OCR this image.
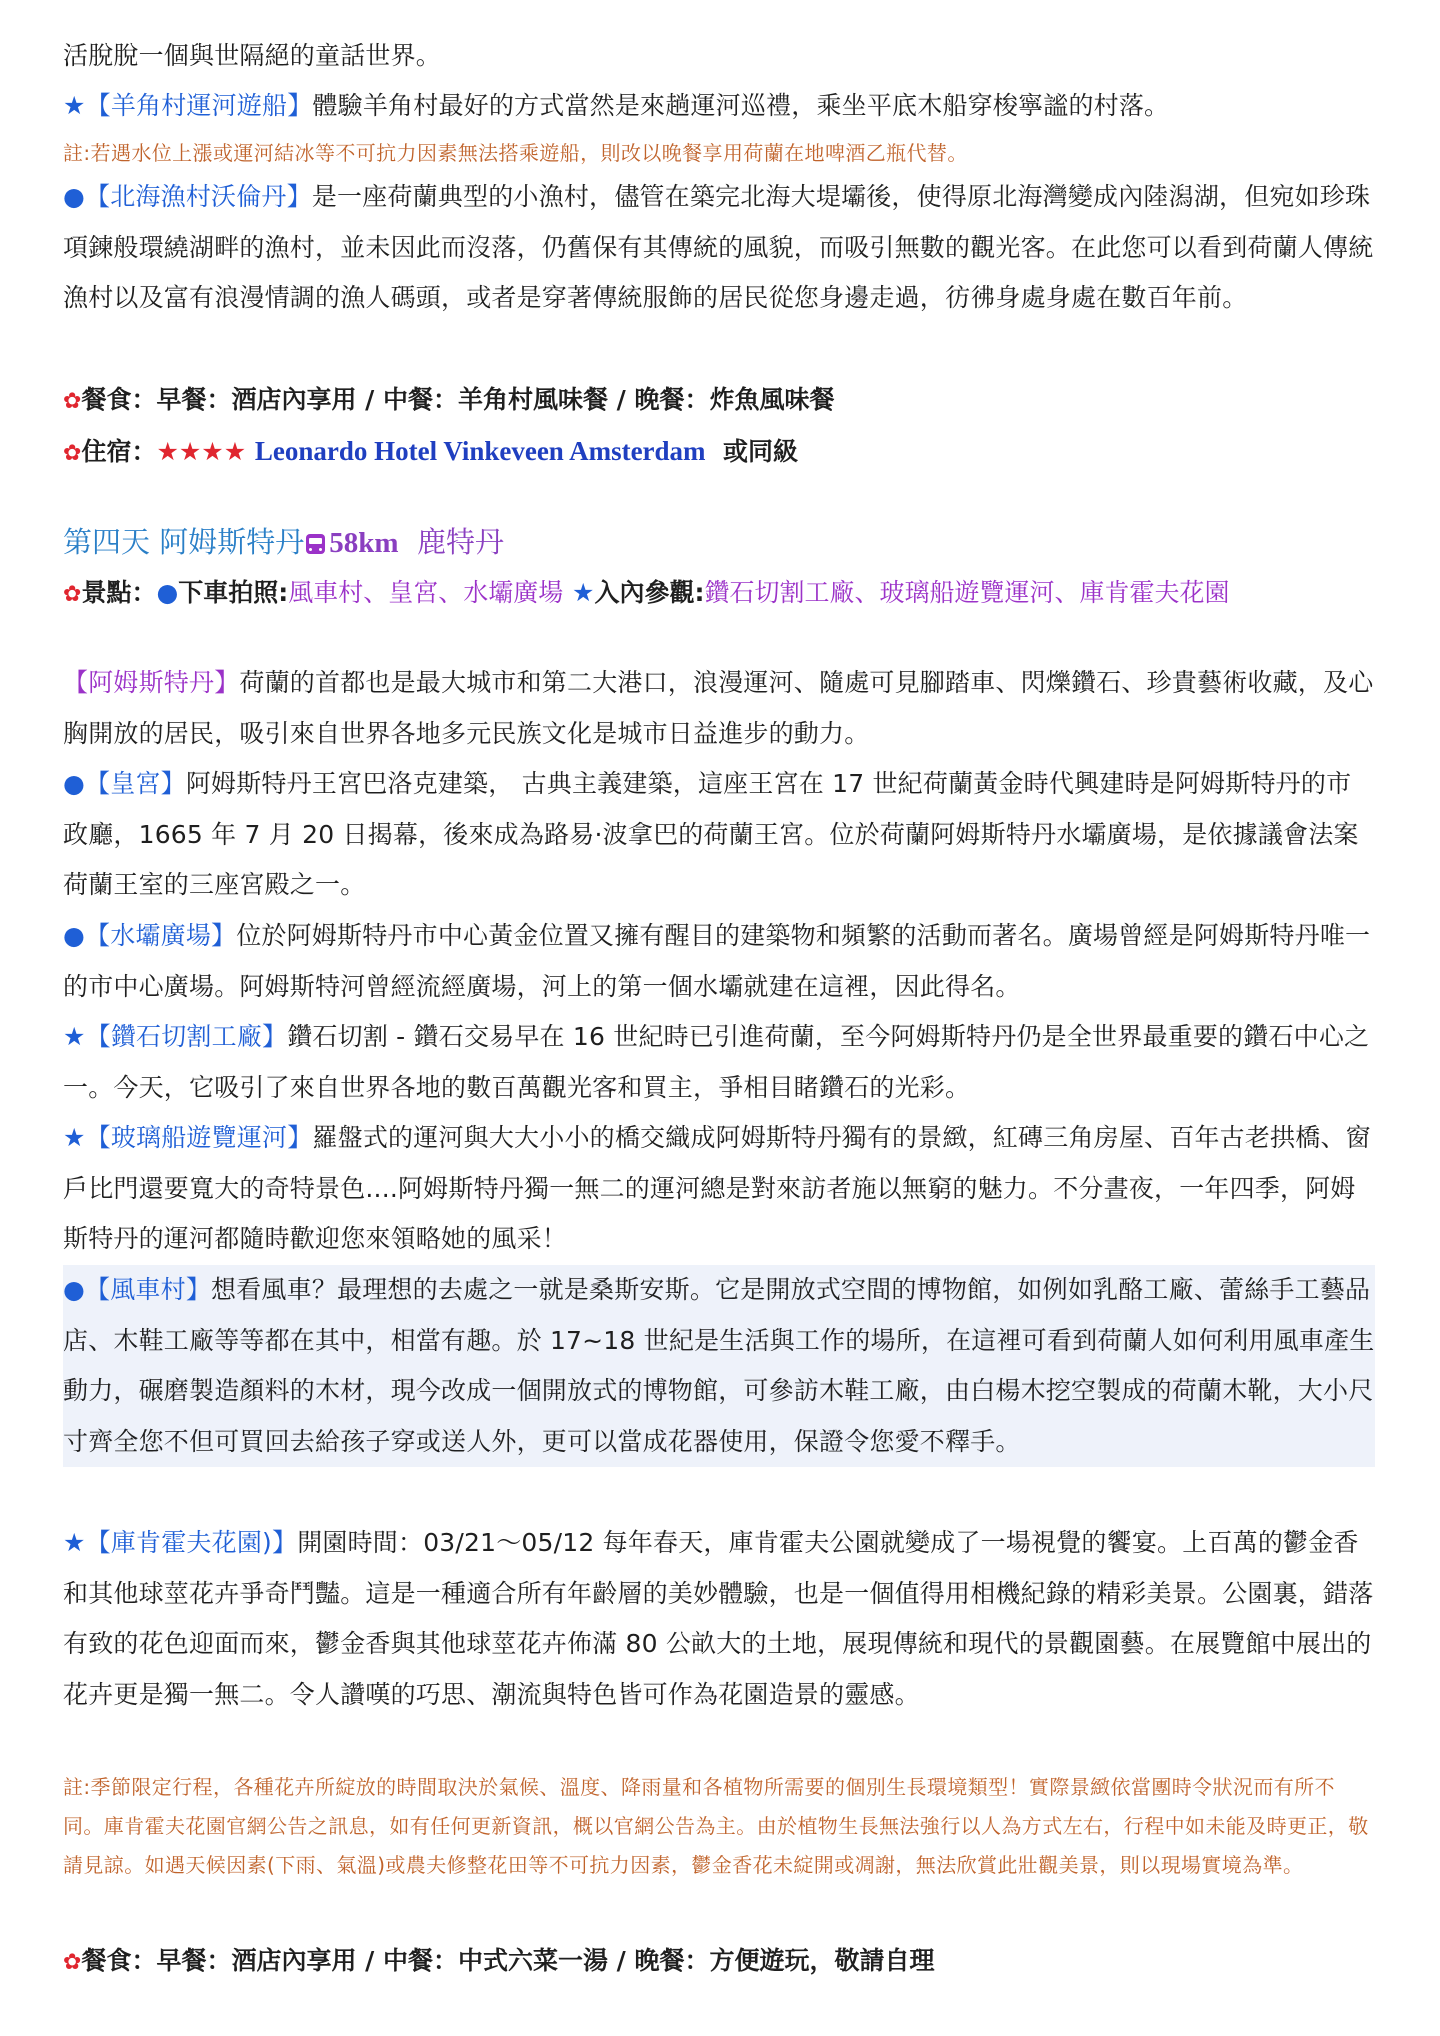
活脫脫一個與世隔絕的童話世界。

★【羊角村運河遊船】體驗羊角村最好的方式當然是來趟運河巡禮，乘坐平底木船穿梭寧謐的村落。

註:若遇水位上漲或運河結冰等不可抗力因素無法搭乘遊船，則改以晚餐享用荷蘭在地啤酒乙瓶代替。

●【北海漁村沃倫丹】是一座荷蘭典型的小漁村，儘管在築完北海大堤壩後，使得原北海灣變成內陸潟湖，但宛如珍珠項鍊般環繞湖畔的漁村，並未因此而沒落，仍舊保有其傳統的風貌，而吸引無數的觀光客。在此您可以看到荷蘭人傳統漁村以及富有浪漫情調的漁人碼頭，或者是穿著傳統服飾的居民從您身邊走過，彷彿身處身處在數百年前。

✿餐食：早餐：酒店內享用 / 中餐：羊角村風味餐 / 晚餐：炸魚風味餐

✿住宿：★★★★ Leonardo Hotel Vinkeveen Amsterdam 或同級

第四天 阿姆斯特丹 58km 鹿特丹

✿景點：●下車拍照:風車村、皇宮、水壩廣場 ★入內參觀:鑽石切割工廠、玻璃船遊覽運河、庫肯霍夫花園

【阿姆斯特丹】荷蘭的首都也是最大城市和第二大港口，浪漫運河、隨處可見腳踏車、閃爍鑽石、珍貴藝術收藏，及心胸開放的居民，吸引來自世界各地多元民族文化是城市日益進步的動力。

●【皇宮】阿姆斯特丹王宮巴洛克建築， 古典主義建築，這座王宮在 17 世紀荷蘭黃金時代興建時是阿姆斯特丹的市政廳，1665 年 7 月 20 日揭幕，後來成為路易·波拿巴的荷蘭王宮。位於荷蘭阿姆斯特丹水壩廣場，是依據議會法案荷蘭王室的三座宮殿之一。

●【水壩廣場】位於阿姆斯特丹市中心黃金位置又擁有醒目的建築物和頻繁的活動而著名。廣場曾經是阿姆斯特丹唯一的市中心廣場。阿姆斯特河曾經流經廣場，河上的第一個水壩就建在這裡，因此得名。

★【鑽石切割工廠】鑽石切割 - 鑽石交易早在 16 世紀時已引進荷蘭，至今阿姆斯特丹仍是全世界最重要的鑽石中心之一。今天，它吸引了來自世界各地的數百萬觀光客和買主，爭相目睹鑽石的光彩。

★【玻璃船遊覽運河】羅盤式的運河與大大小小的橋交織成阿姆斯特丹獨有的景緻，紅磚三角房屋、百年古老拱橋、窗戶比門還要寬大的奇特景色....阿姆斯特丹獨一無二的運河總是對來訪者施以無窮的魅力。不分晝夜，一年四季，阿姆斯特丹的運河都隨時歡迎您來領略她的風采！

●【風車村】想看風車？最理想的去處之一就是桑斯安斯。它是開放式空間的博物館，如例如乳酪工廠、蕾絲手工藝品店、木鞋工廠等等都在其中，相當有趣。於 17~18 世紀是生活與工作的場所，在這裡可看到荷蘭人如何利用風車產生動力，碾磨製造顏料的木材，現今改成一個開放式的博物館，可參訪木鞋工廠，由白楊木挖空製成的荷蘭木靴，大小尺寸齊全您不但可買回去給孩子穿或送人外，更可以當成花器使用，保證令您愛不釋手。

★【庫肯霍夫花園)】開園時間：03/21～05/12 每年春天，庫肯霍夫公園就變成了一場視覺的饗宴。上百萬的鬱金香和其他球莖花卉爭奇鬥豔。這是一種適合所有年齡層的美妙體驗，也是一個值得用相機紀錄的精彩美景。公園裏，錯落有致的花色迎面而來，鬱金香與其他球莖花卉佈滿 80 公畝大的土地，展現傳統和現代的景觀園藝。在展覽館中展出的花卉更是獨一無二。令人讚嘆的巧思、潮流與特色皆可作為花園造景的靈感。

註:季節限定行程，各種花卉所綻放的時間取決於氣候、溫度、降雨量和各植物所需要的個別生長環境類型！實際景緻依當團時令狀況而有所不同。庫肯霍夫花園官網公告之訊息，如有任何更新資訊，概以官網公告為主。由於植物生長無法強行以人為方式左右，行程中如未能及時更正，敬請見諒。如遇天候因素(下雨、氣溫)或農夫修整花田等不可抗力因素，鬱金香花未綻開或凋謝，無法欣賞此壯觀美景，則以現場實境為準。

✿餐食：早餐：酒店內享用 / 中餐：中式六菜一湯 / 晚餐：方便遊玩，敬請自理
